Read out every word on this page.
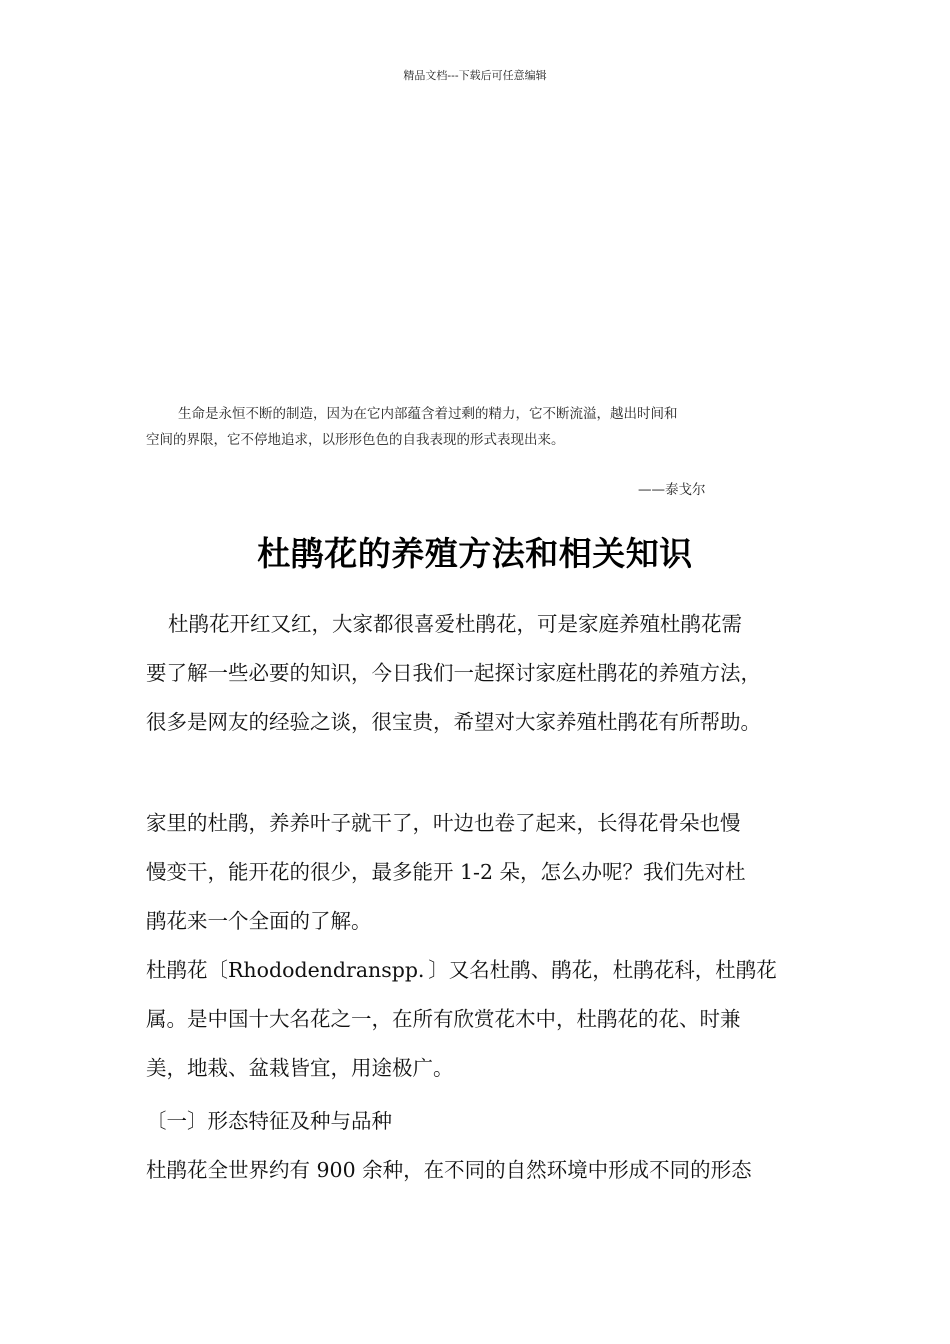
精品文档---下载后可任意编辑

生命是永恒不断的制造，因为在它内部蕴含着过剩的精力，它不断流溢，越出时间和

空间的界限，它不停地追求，以形形色色的自我表现的形式表现出来。
——泰戈尔
杜鹃花的养殖方法和相关知识
杜鹃花开红又红，大家都很喜爱杜鹃花，可是家庭养殖杜鹃花需
要了解一些必要的知识，今日我们一起探讨家庭杜鹃花的养殖方法，
很多是网友的经验之谈，很宝贵，希望对大家养殖杜鹃花有所帮助。
家里的杜鹃，养养叶子就干了，叶边也卷了起来，长得花骨朵也慢
慢变干，能开花的很少，最多能开 1-2 朵，怎么办呢？我们先对杜
鹃花来一个全面的了解。
杜鹃花〔Rhododendranspp．〕又名杜鹃、鹃花，杜鹃花科，杜鹃花
属。是中国十大名花之一，在所有欣赏花木中，杜鹃花的花、时兼
美，地栽、盆栽皆宜，用途极广。
〔一〕形态特征及种与品种
杜鹃花全世界约有 900 余种，在不同的自然环境中形成不同的形态
